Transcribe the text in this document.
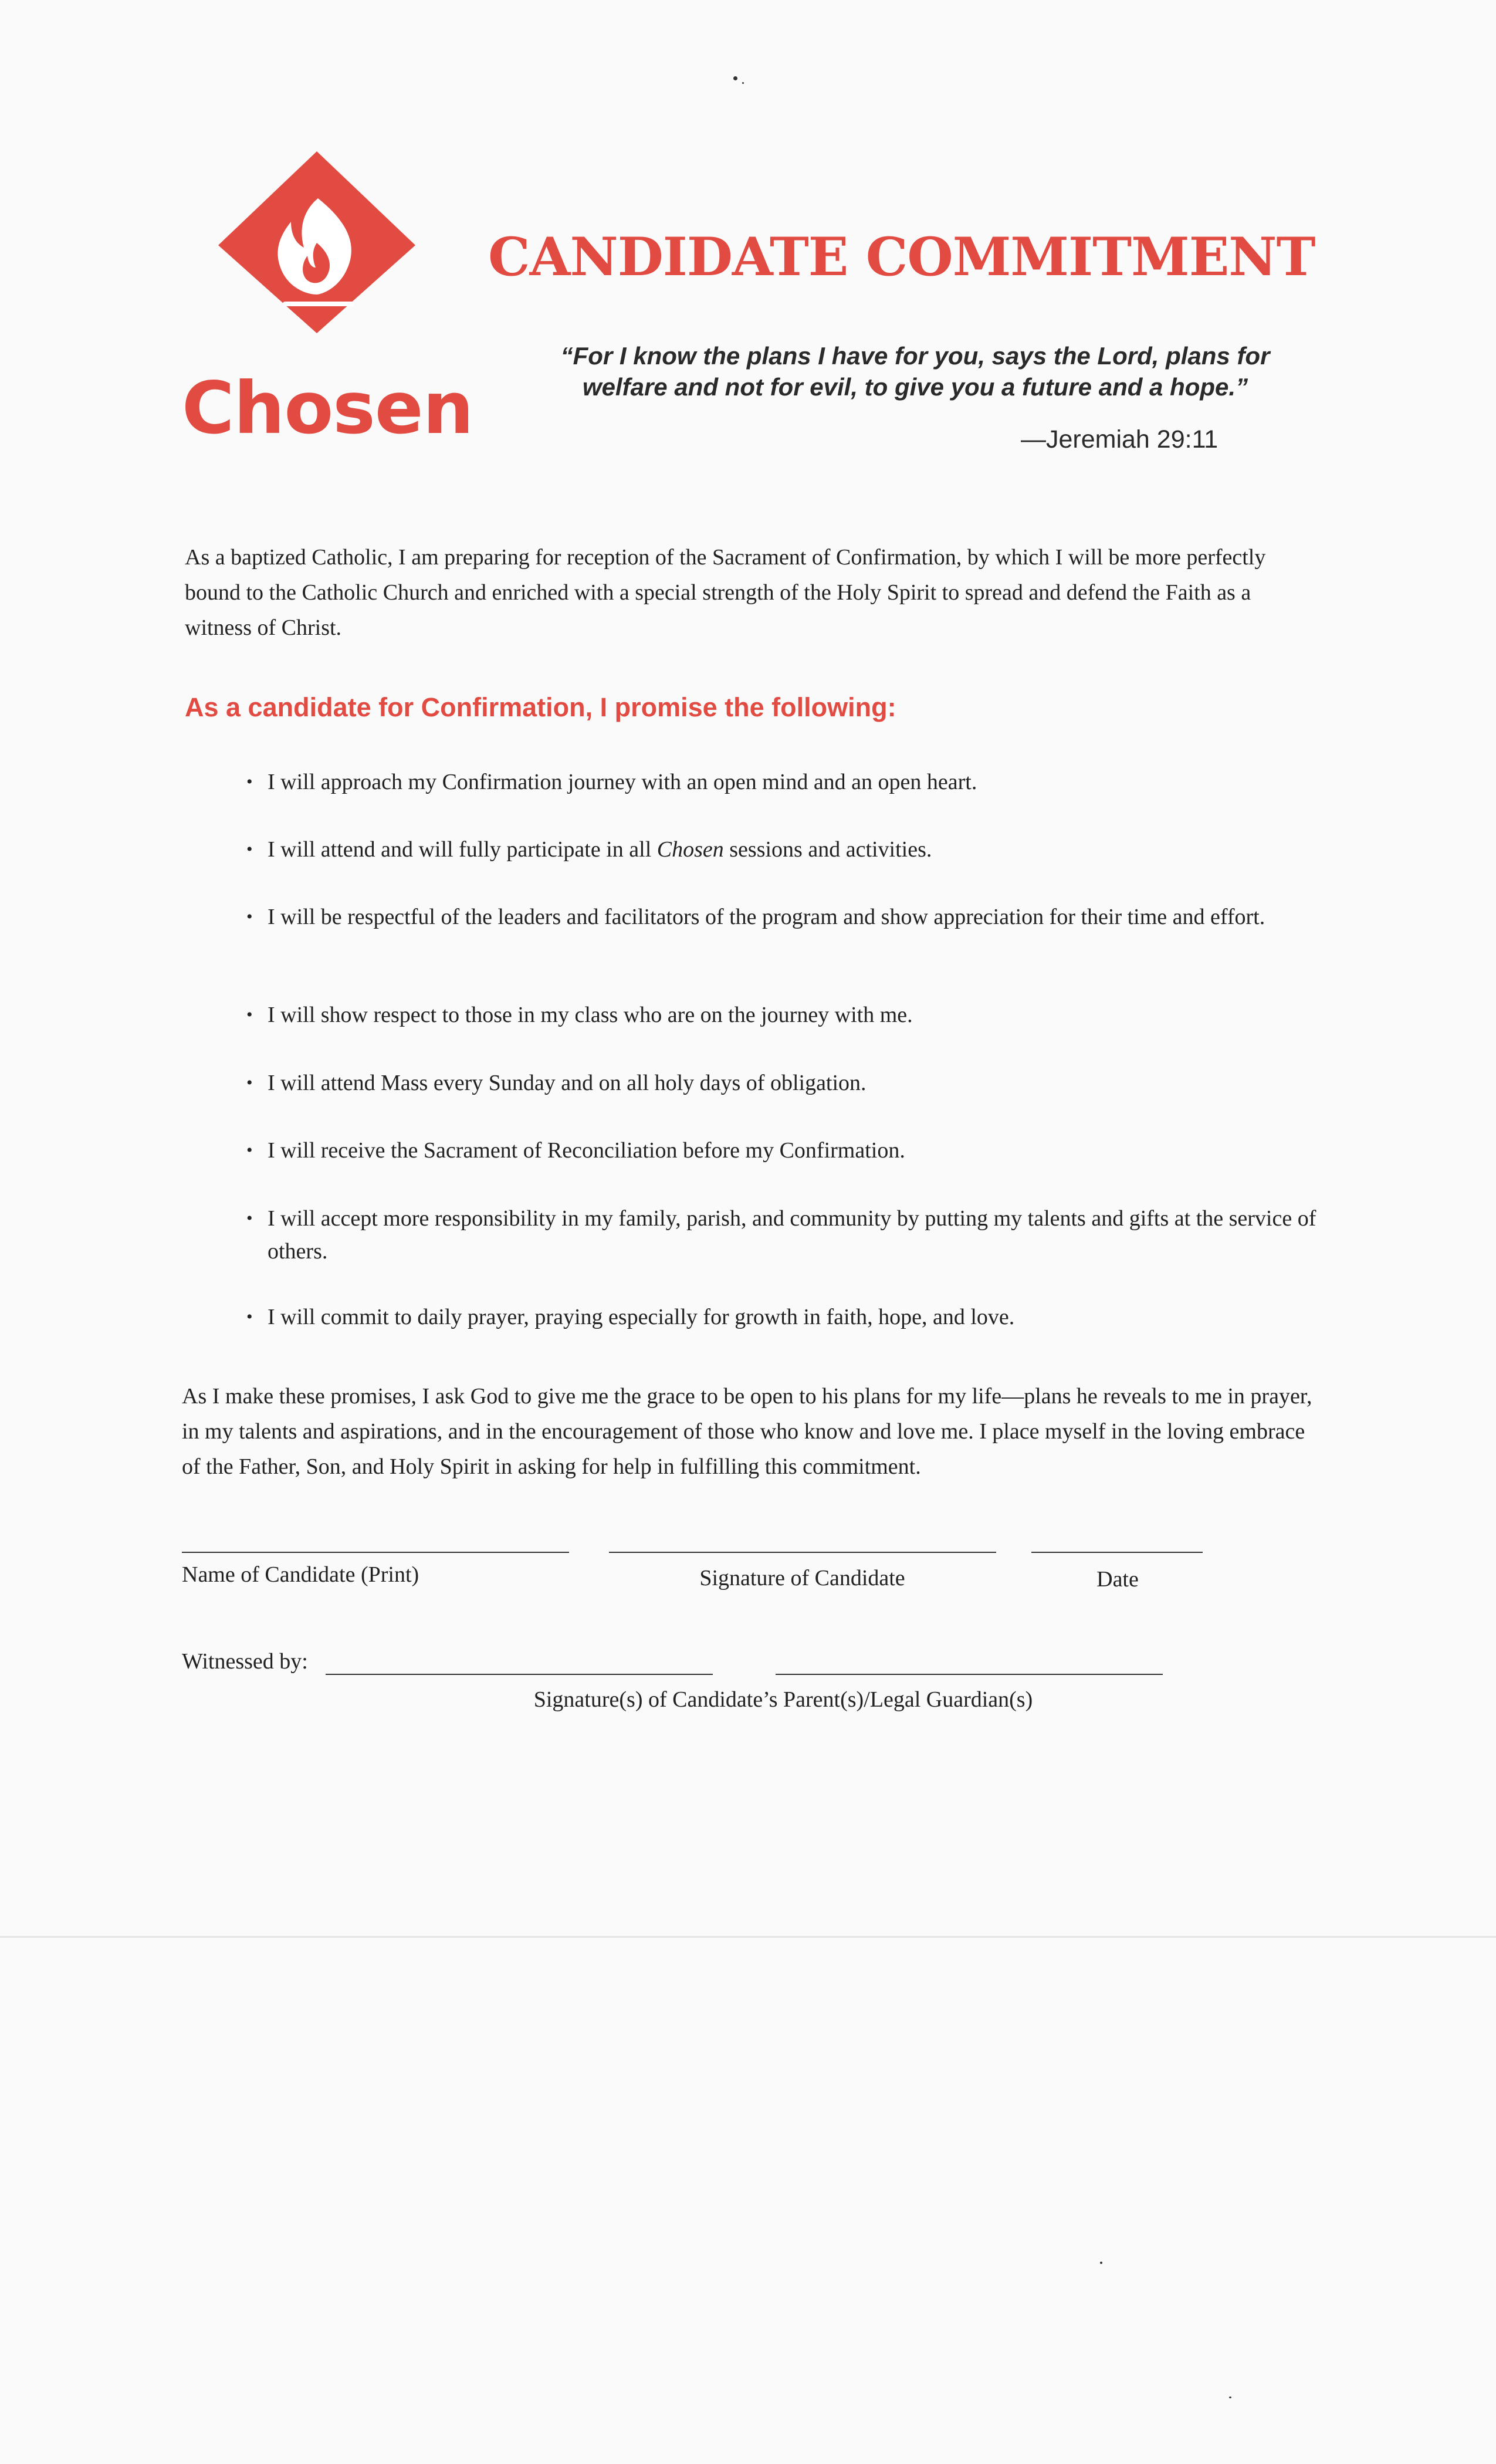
Chosen
CANDIDATE COMMITMENT
“For I know the plans I have for you, says the Lord, plans for
welfare and not for evil, to give you a future and a hope.”
—Jeremiah 29:11
As a baptized Catholic, I am preparing for reception of the Sacrament of Confirmation, by which I will be more perfectly bound to the Catholic Church and enriched with a special strength of the Holy Spirit to spread and defend the Faith as a witness of Christ.
As a candidate for Confirmation, I promise the following:
• I will approach my Confirmation journey with an open mind and an open heart.
• I will attend and will fully participate in all Chosen sessions and activities.
• I will be respectful of the leaders and facilitators of the program and show appreciation for their time and effort.
• I will show respect to those in my class who are on the journey with me.
• I will attend Mass every Sunday and on all holy days of obligation.
• I will receive the Sacrament of Reconciliation before my Confirmation.
• I will accept more responsibility in my family, parish, and community by putting my talents and gifts at the service of others.
• I will commit to daily prayer, praying especially for growth in faith, hope, and love.
As I make these promises, I ask God to give me the grace to be open to his plans for my life—plans he reveals to me in prayer, in my talents and aspirations, and in the encouragement of those who know and love me. I place myself in the loving embrace of the Father, Son, and Holy Spirit in asking for help in fulfilling this commitment.
Name of Candidate (Print)	Signature of Candidate	Date
Witnessed by:
Signature(s) of Candidate’s Parent(s)/Legal Guardian(s)
